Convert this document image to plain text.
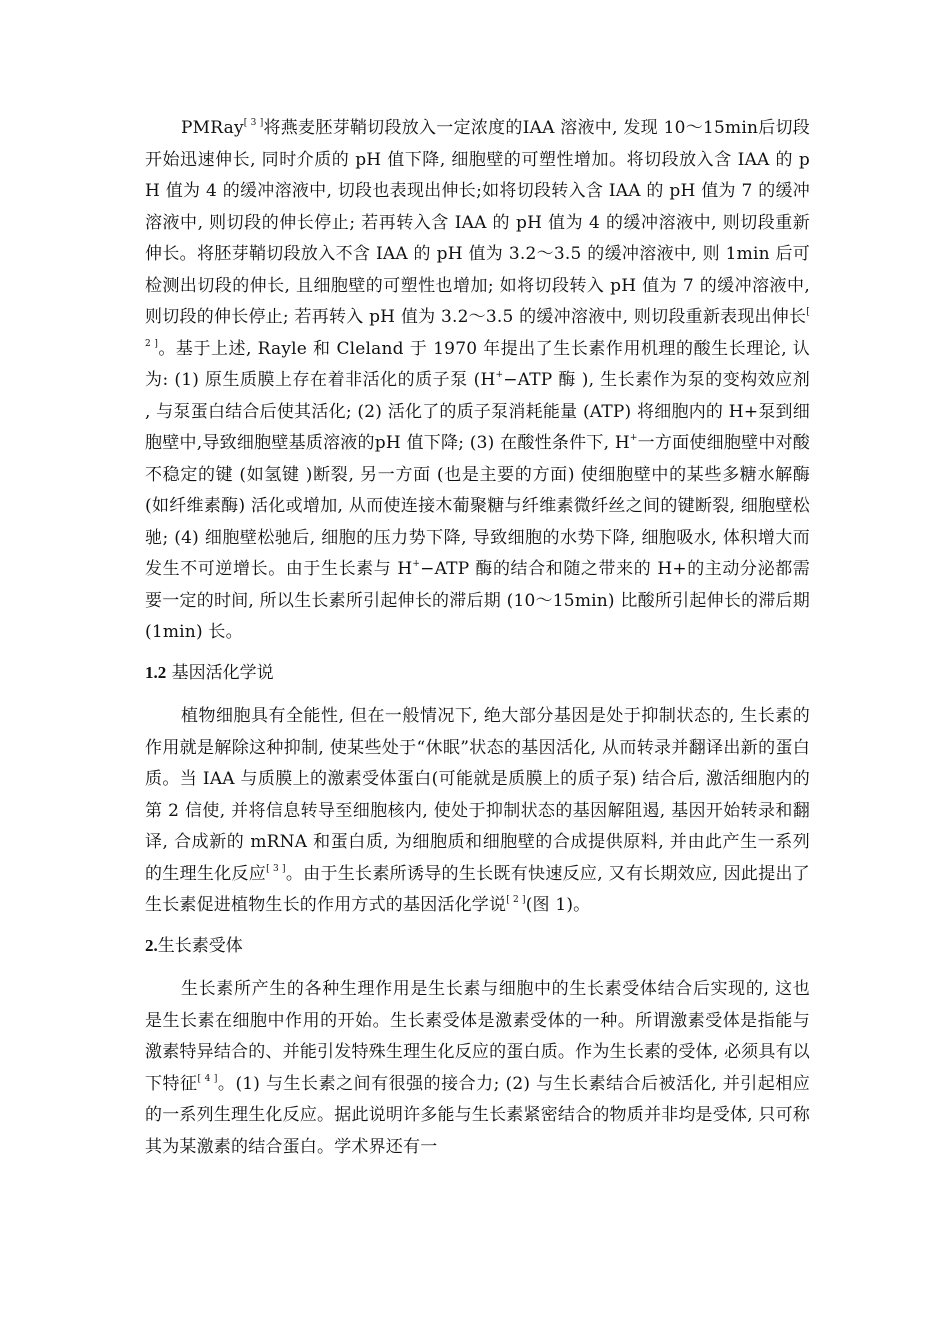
PMRay[ 3 ]将燕麦胚芽鞘切段放入一定浓度的IAA 溶液中, 发现 10～15min后切段开始迅速伸长, 同时介质的 pH 值下降, 细胞壁的可塑性增加。将切段放入含 IAA 的 pH 值为 4 的缓冲溶液中, 切段也表现出伸长;如将切段转入含 IAA 的 pH 值为 7 的缓冲溶液中, 则切段的伸长停止; 若再转入含 IAA 的 pH 值为 4 的缓冲溶液中, 则切段重新伸长。将胚芽鞘切段放入不含 IAA 的 pH 值为 3.2～3.5 的缓冲溶液中, 则 1min 后可检测出切段的伸长, 且细胞壁的可塑性也增加; 如将切段转入 pH 值为 7 的缓冲溶液中, 则切段的伸长停止; 若再转入 pH 值为 3.2～3.5 的缓冲溶液中, 则切段重新表现出伸长[ 2 ]。基于上述, Rayle 和 Cleland 于 1970 年提出了生长素作用机理的酸生长理论, 认为: (1) 原生质膜上存在着非活化的质子泵 (H+−ATP 酶 ), 生长素作为泵的变构效应剂 , 与泵蛋白结合后使其活化; (2) 活化了的质子泵消耗能量 (ATP) 将细胞内的 H+泵到细胞壁中,导致细胞壁基质溶液的pH 值下降; (3) 在酸性条件下, H+一方面使细胞壁中对酸不稳定的键 (如氢键 )断裂, 另一方面 (也是主要的方面) 使细胞壁中的某些多糖水解酶 (如纤维素酶) 活化或增加, 从而使连接木葡聚糖与纤维素微纤丝之间的键断裂, 细胞壁松驰; (4) 细胞壁松驰后, 细胞的压力势下降, 导致细胞的水势下降, 细胞吸水, 体积增大而发生不可逆增长。由于生长素与 H+−ATP 酶的结合和随之带来的 H+的主动分泌都需要一定的时间, 所以生长素所引起伸长的滞后期 (10～15min) 比酸所引起伸长的滞后期 (1min) 长。

1.2 基因活化学说

植物细胞具有全能性, 但在一般情况下, 绝大部分基因是处于抑制状态的, 生长素的作用就是解除这种抑制, 使某些处于“休眠”状态的基因活化, 从而转录并翻译出新的蛋白质。当 IAA 与质膜上的激素受体蛋白(可能就是质膜上的质子泵) 结合后, 激活细胞内的第 2 信使, 并将信息转导至细胞核内, 使处于抑制状态的基因解阻遏, 基因开始转录和翻译, 合成新的 mRNA 和蛋白质, 为细胞质和细胞壁的合成提供原料, 并由此产生一系列的生理生化反应[ 3 ]。由于生长素所诱导的生长既有快速反应, 又有长期效应, 因此提出了生长素促进植物生长的作用方式的基因活化学说[ 2 ](图 1)。

2.生长素受体

生长素所产生的各种生理作用是生长素与细胞中的生长素受体结合后实现的, 这也是生长素在细胞中作用的开始。生长素受体是激素受体的一种。所谓激素受体是指能与激素特异结合的、并能引发特殊生理生化反应的蛋白质。作为生长素的受体, 必须具有以下特征[ 4 ]。(1) 与生长素之间有很强的接合力; (2) 与生长素结合后被活化, 并引起相应的一系列生理生化反应。据此说明许多能与生长素紧密结合的物质并非均是受体, 只可称其为某激素的结合蛋白。学术界还有一
